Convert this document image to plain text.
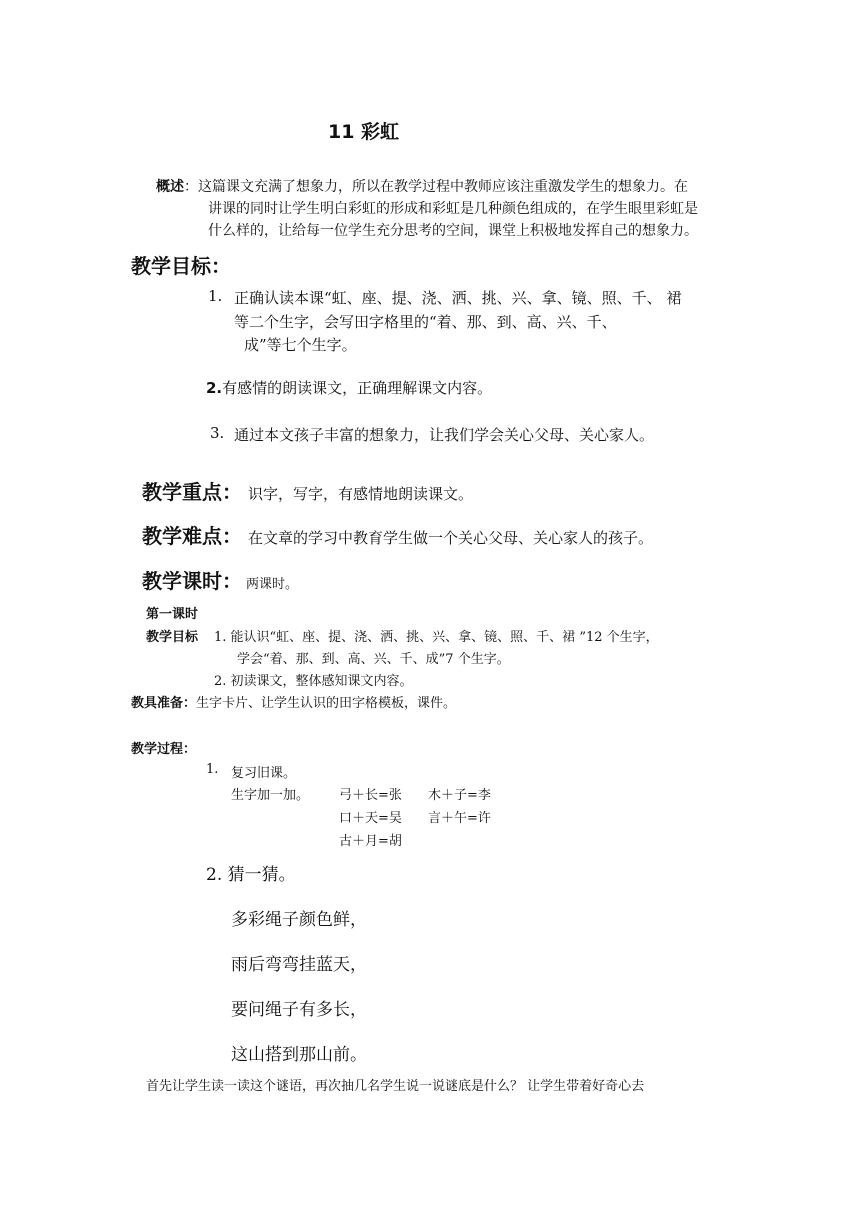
11 彩虹
概述：这篇课文充满了想象力，所以在教学过程中教师应该注重激发学生的想象力。在
讲课的同时让学生明白彩虹的形成和彩虹是几种颜色组成的，在学生眼里彩虹是
什么样的，让给每一位学生充分思考的空间，课堂上积极地发挥自己的想象力。
教学目标：
1. 正确认读本课“虹、座、提、浇、洒、挑、兴、拿、镜、照、千、 裙
等二个生字，会写田字格里的“着、那、到、高、兴、千、
成”等七个生字。
2.有感情的朗读课文，正确理解课文内容。
3. 通过本文孩子丰富的想象力，让我们学会关心父母、关心家人。
教学重点： 识字，写字，有感情地朗读课文。
教学难点： 在文章的学习中教育学生做一个关心父母、关心家人的孩子。
教学课时： 两课时。
第一课时
教学目标 1. 能认识“虹、座、提、浇、洒、挑、兴、拿、镜、照、千、裙 ”12 个生字，
学会“着、那、到、高、兴、千、成”7 个生字。
2. 初读课文，整体感知课文内容。
教具准备：生字卡片、让学生认识的田字格模板，课件。
教学过程：
1. 复习旧课。
生字加一加。 弓＋长=张 木＋子=李
口＋天=吴 言＋午=许
古＋月=胡
2. 猜一猜。
多彩绳子颜色鲜，
雨后弯弯挂蓝天，
要问绳子有多长，
这山搭到那山前。
首先让学生读一读这个谜语，再次抽几名学生说一说谜底是什么？ 让学生带着好奇心去
